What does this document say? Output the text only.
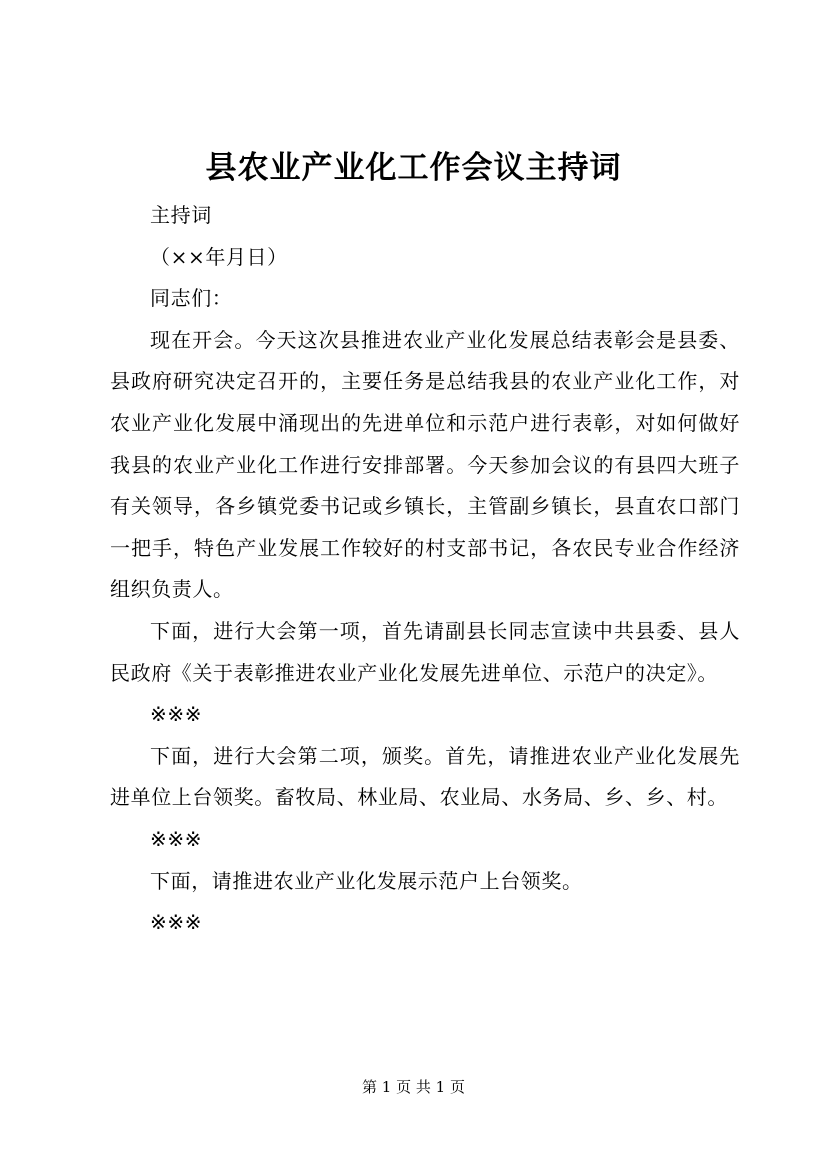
县农业产业化工作会议主持词

主持词

（××年月日）

同志们：

现在开会。今天这次县推进农业产业化发展总结表彰会是县委、县政府研究决定召开的，主要任务是总结我县的农业产业化工作，对农业产业化发展中涌现出的先进单位和示范户进行表彰，对如何做好我县的农业产业化工作进行安排部署。今天参加会议的有县四大班子有关领导，各乡镇党委书记或乡镇长，主管副乡镇长，县直农口部门一把手，特色产业发展工作较好的村支部书记，各农民专业合作经济组织负责人。

下面，进行大会第一项，首先请副县长同志宣读中共县委、县人民政府《关于表彰推进农业产业化发展先进单位、示范户的决定》。

※※※

下面，进行大会第二项，颁奖。首先，请推进农业产业化发展先进单位上台领奖。畜牧局、林业局、农业局、水务局、乡、乡、村。

※※※

下面，请推进农业产业化发展示范户上台领奖。

※※※

第 1 页 共 1 页
